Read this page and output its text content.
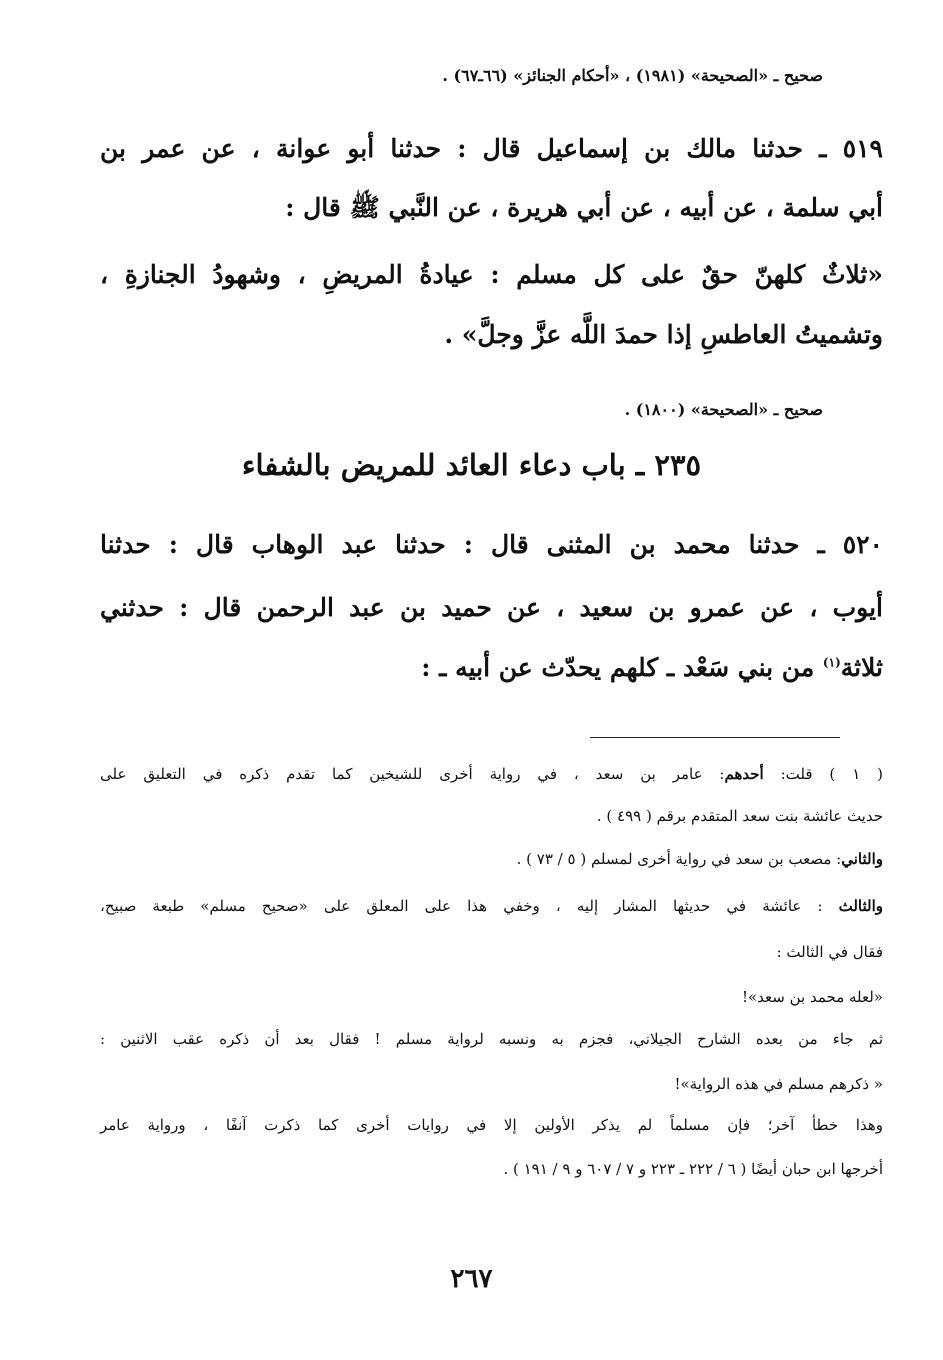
صحيح ـ «الصحيحة» (١٩٨١) ، «أحكام الجنائز» (٦٦ـ٦٧) .
٥١٩ ـ حدثنا مالك بن إسماعيل قال : حدثنا أبو عوانة ، عن عمر بن
أبي سلمة ، عن أبيه ، عن أبي هريرة ، عن النَّبي ﷺ قال :
«ثلاثٌ كلهنّ حقٌ على كل مسلم : عيادةُ المريضِ ، وشهودُ الجنازةِ ،
وتشميتُ العاطسِ إذا حمدَ اللَّه عزَّ وجلَّ» .
صحيح ـ «الصحيحة» (١٨٠٠) .
٢٣٥ ـ باب دعاء العائد للمريض بالشفاء
٥٢٠ ـ حدثنا محمد بن المثنى قال : حدثنا عبد الوهاب قال : حدثنا
أيوب ، عن عمرو بن سعيد ، عن حميد بن عبد الرحمن قال : حدثني
ثلاثة$^{(١)}$ من بني سَعْد ـ كلهم يحدّث عن أبيه ـ :
( ١ ) قلت: أحدهم: عامر بن سعد ، في رواية أخرى للشيخين كما تقدم ذكره في التعليق على
حديث عائشة بنت سعد المتقدم برقم ( ٤٩٩ ) .
والثاني: مصعب بن سعد في رواية أخرى لمسلم ( ٥ / ٧٣ ) .
والثالث : عائشة في حديثها المشار إليه ، وخفي هذا على المعلق على «صحيح مسلم» طبعة صبيح،
فقال في الثالث :
«لعله محمد بن سعد»!
ثم جاء من بعده الشارح الجيلاني، فجزم به ونسبه لرواية مسلم ! فقال بعد أن ذكره عقب الاثنين :
« ذكرهم مسلم في هذه الرواية»!
وهذا خطأ آخر؛ فإن مسلماً لم يذكر الأولين إلا في روايات أخرى كما ذكرت آنفًا ، ورواية عامر
أخرجها ابن حبان أيضًا ( ٦ / ٢٢٢ ـ ٢٢٣ و ٧ / ٦٠٧ و ٩ / ١٩١ ) .
٢٦٧
